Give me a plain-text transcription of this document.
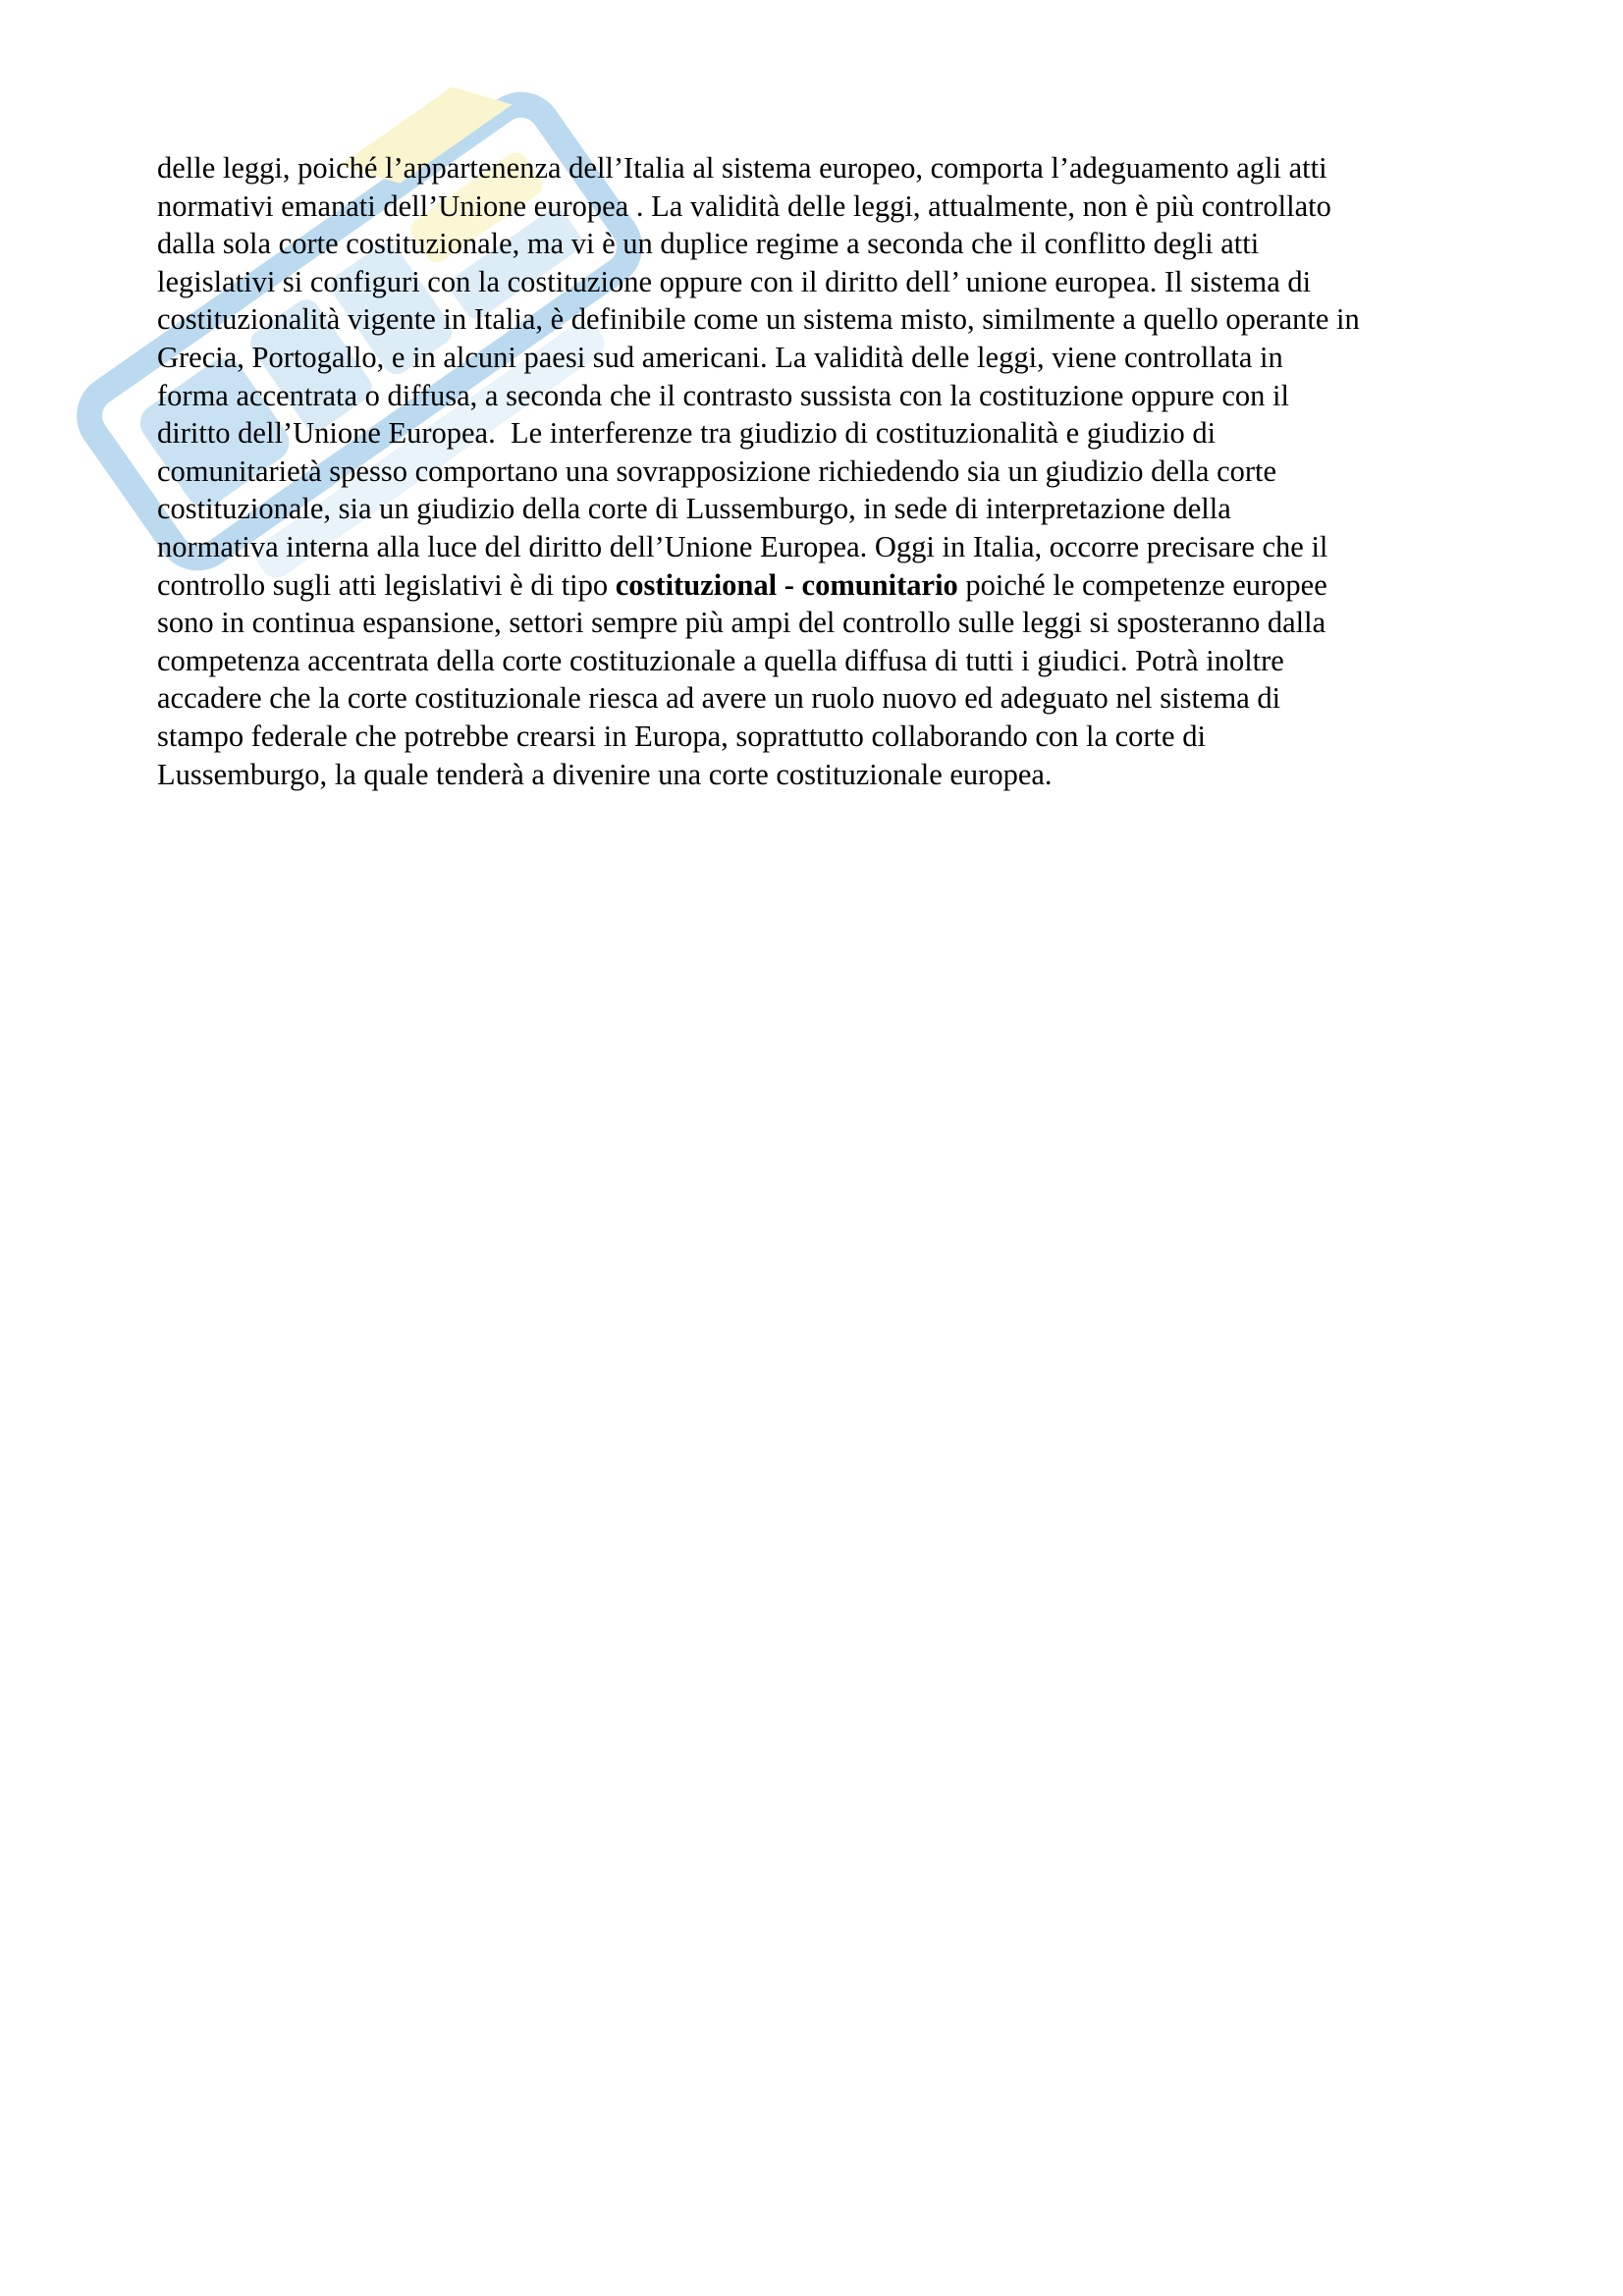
delle leggi, poiché l’appartenenza dell’Italia al sistema europeo, comporta l’adeguamento agli atti
normativi emanati dell’Unione europea . La validità delle leggi, attualmente, non è più controllato
dalla sola corte costituzionale, ma vi è un duplice regime a seconda che il conflitto degli atti
legislativi si configuri con la costituzione oppure con il diritto dell’ unione europea. Il sistema di
costituzionalità vigente in Italia, è definibile come un sistema misto, similmente a quello operante in
Grecia, Portogallo, e in alcuni paesi sud americani. La validità delle leggi, viene controllata in
forma accentrata o diffusa, a seconda che il contrasto sussista con la costituzione oppure con il
diritto dell’Unione Europea.  Le interferenze tra giudizio di costituzionalità e giudizio di
comunitarietà spesso comportano una sovrapposizione richiedendo sia un giudizio della corte
costituzionale, sia un giudizio della corte di Lussemburgo, in sede di interpretazione della
normativa interna alla luce del diritto dell’Unione Europea. Oggi in Italia, occorre precisare che il
controllo sugli atti legislativi è di tipo costituzional - comunitario poiché le competenze europee
sono in continua espansione, settori sempre più ampi del controllo sulle leggi si sposteranno dalla
competenza accentrata della corte costituzionale a quella diffusa di tutti i giudici. Potrà inoltre
accadere che la corte costituzionale riesca ad avere un ruolo nuovo ed adeguato nel sistema di
stampo federale che potrebbe crearsi in Europa, soprattutto collaborando con la corte di
Lussemburgo, la quale tenderà a divenire una corte costituzionale europea.
